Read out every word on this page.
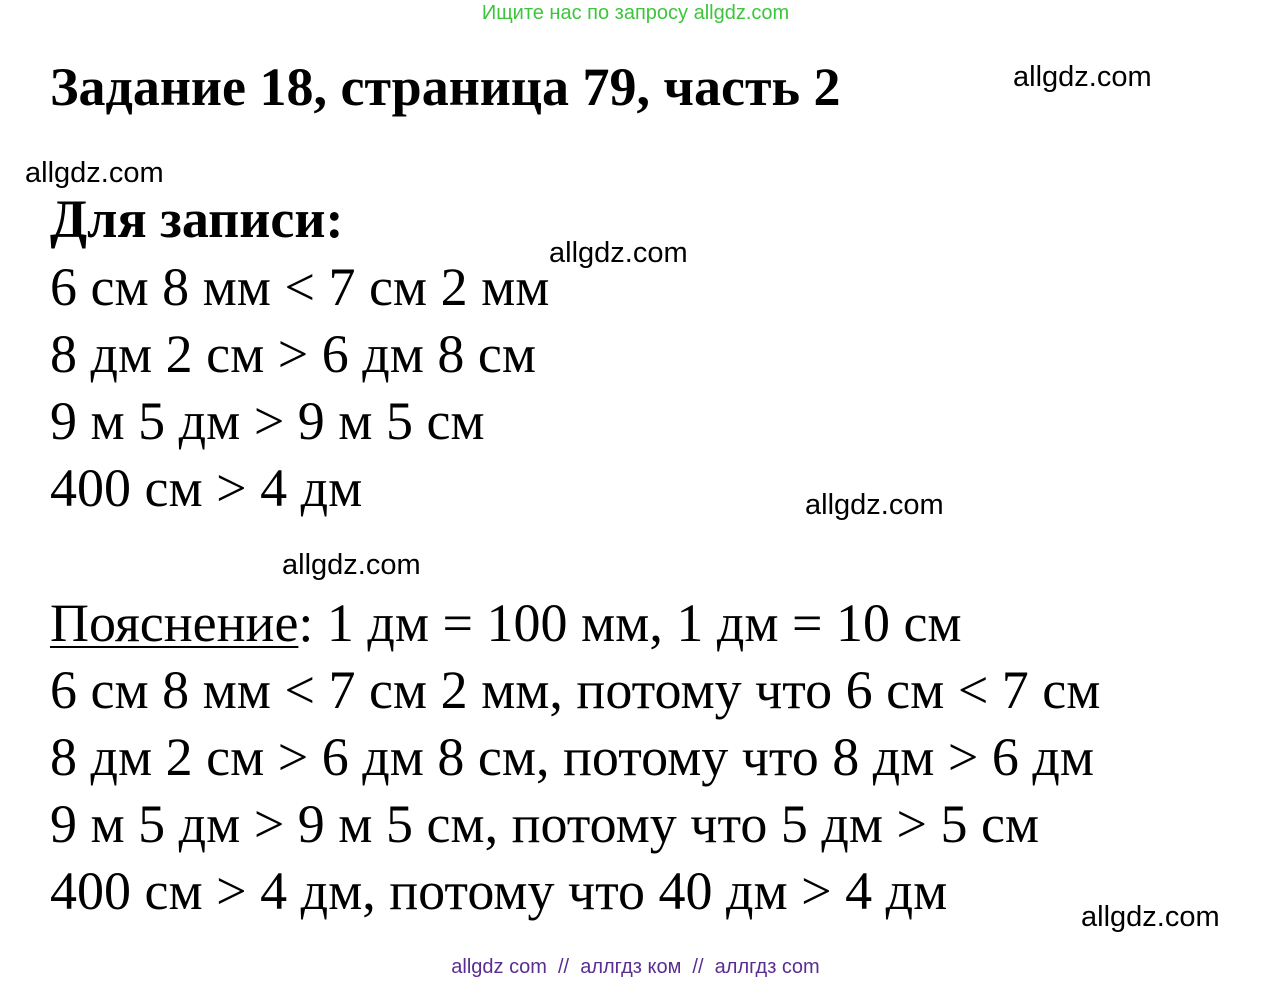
Ищите нас по запросу allgdz.com
Задание 18, страница 79, часть 2	allgdz.com
allgdz.com
allgdz.com
allgdz.com
allgdz.com
allgdz.com
Для записи:
6 см 8 мм < 7 см 2 мм
8 дм 2 см > 6 дм 8 см
9 м 5 дм > 9 м 5 см
400 см > 4 дм
Пояснение: 1 дм = 100 мм, 1 дм = 10 см
6 см 8 мм < 7 см 2 мм, потому что 6 см < 7 см
8 дм 2 см > 6 дм 8 см, потому что 8 дм > 6 дм
9 м 5 дм > 9 м 5 см, потому что 5 дм > 5 см
400 см > 4 дм, потому что 40 дм > 4 дм
allgdz com  //  аллгдз ком  //  аллгдз com
